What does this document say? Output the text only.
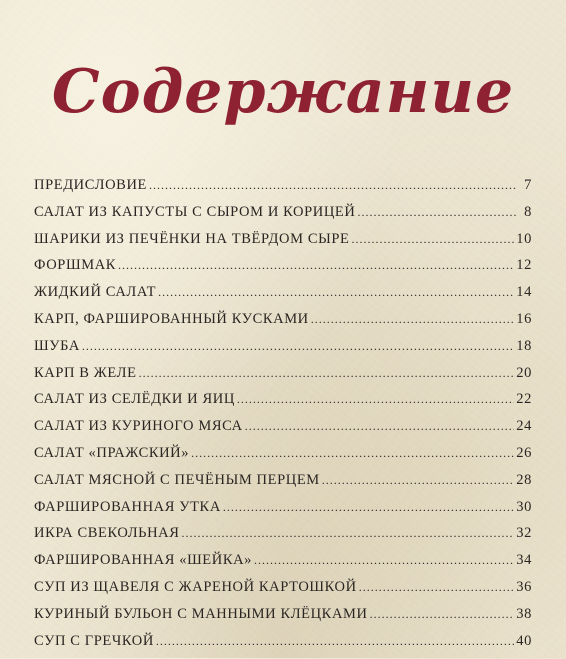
Содержание
ПРЕДИСЛОВИЕ .....	7
САЛАТ ИЗ КАПУСТЫ С СЫРОМ И КОРИЦЕЙ .....	8
ШАРИКИ ИЗ ПЕЧЁНКИ НА ТВЁРДОМ СЫРЕ .....	10
ФОРШМАК .....	12
ЖИДКИЙ САЛАТ .....	14
КАРП, ФАРШИРОВАННЫЙ КУСКАМИ .....	16
ШУБА .....	18
КАРП В ЖЕЛЕ .....	20
САЛАТ ИЗ СЕЛЁДКИ И ЯИЦ .....	22
САЛАТ ИЗ КУРИНОГО МЯСА .....	24
САЛАТ «ПРАЖСКИЙ» .....	26
САЛАТ МЯСНОЙ С ПЕЧЁНЫМ ПЕРЦЕМ .....	28
ФАРШИРОВАННАЯ УТКА .....	30
ИКРА СВЕКОЛЬНАЯ .....	32
ФАРШИРОВАННАЯ «ШЕЙКА» .....	34
СУП ИЗ ЩАВЕЛЯ С ЖАРЕНОЙ КАРТОШКОЙ .....	36
КУРИНЫЙ БУЛЬОН С МАННЫМИ КЛЁЦКАМИ .....	38
СУП С ГРЕЧКОЙ .....	40
